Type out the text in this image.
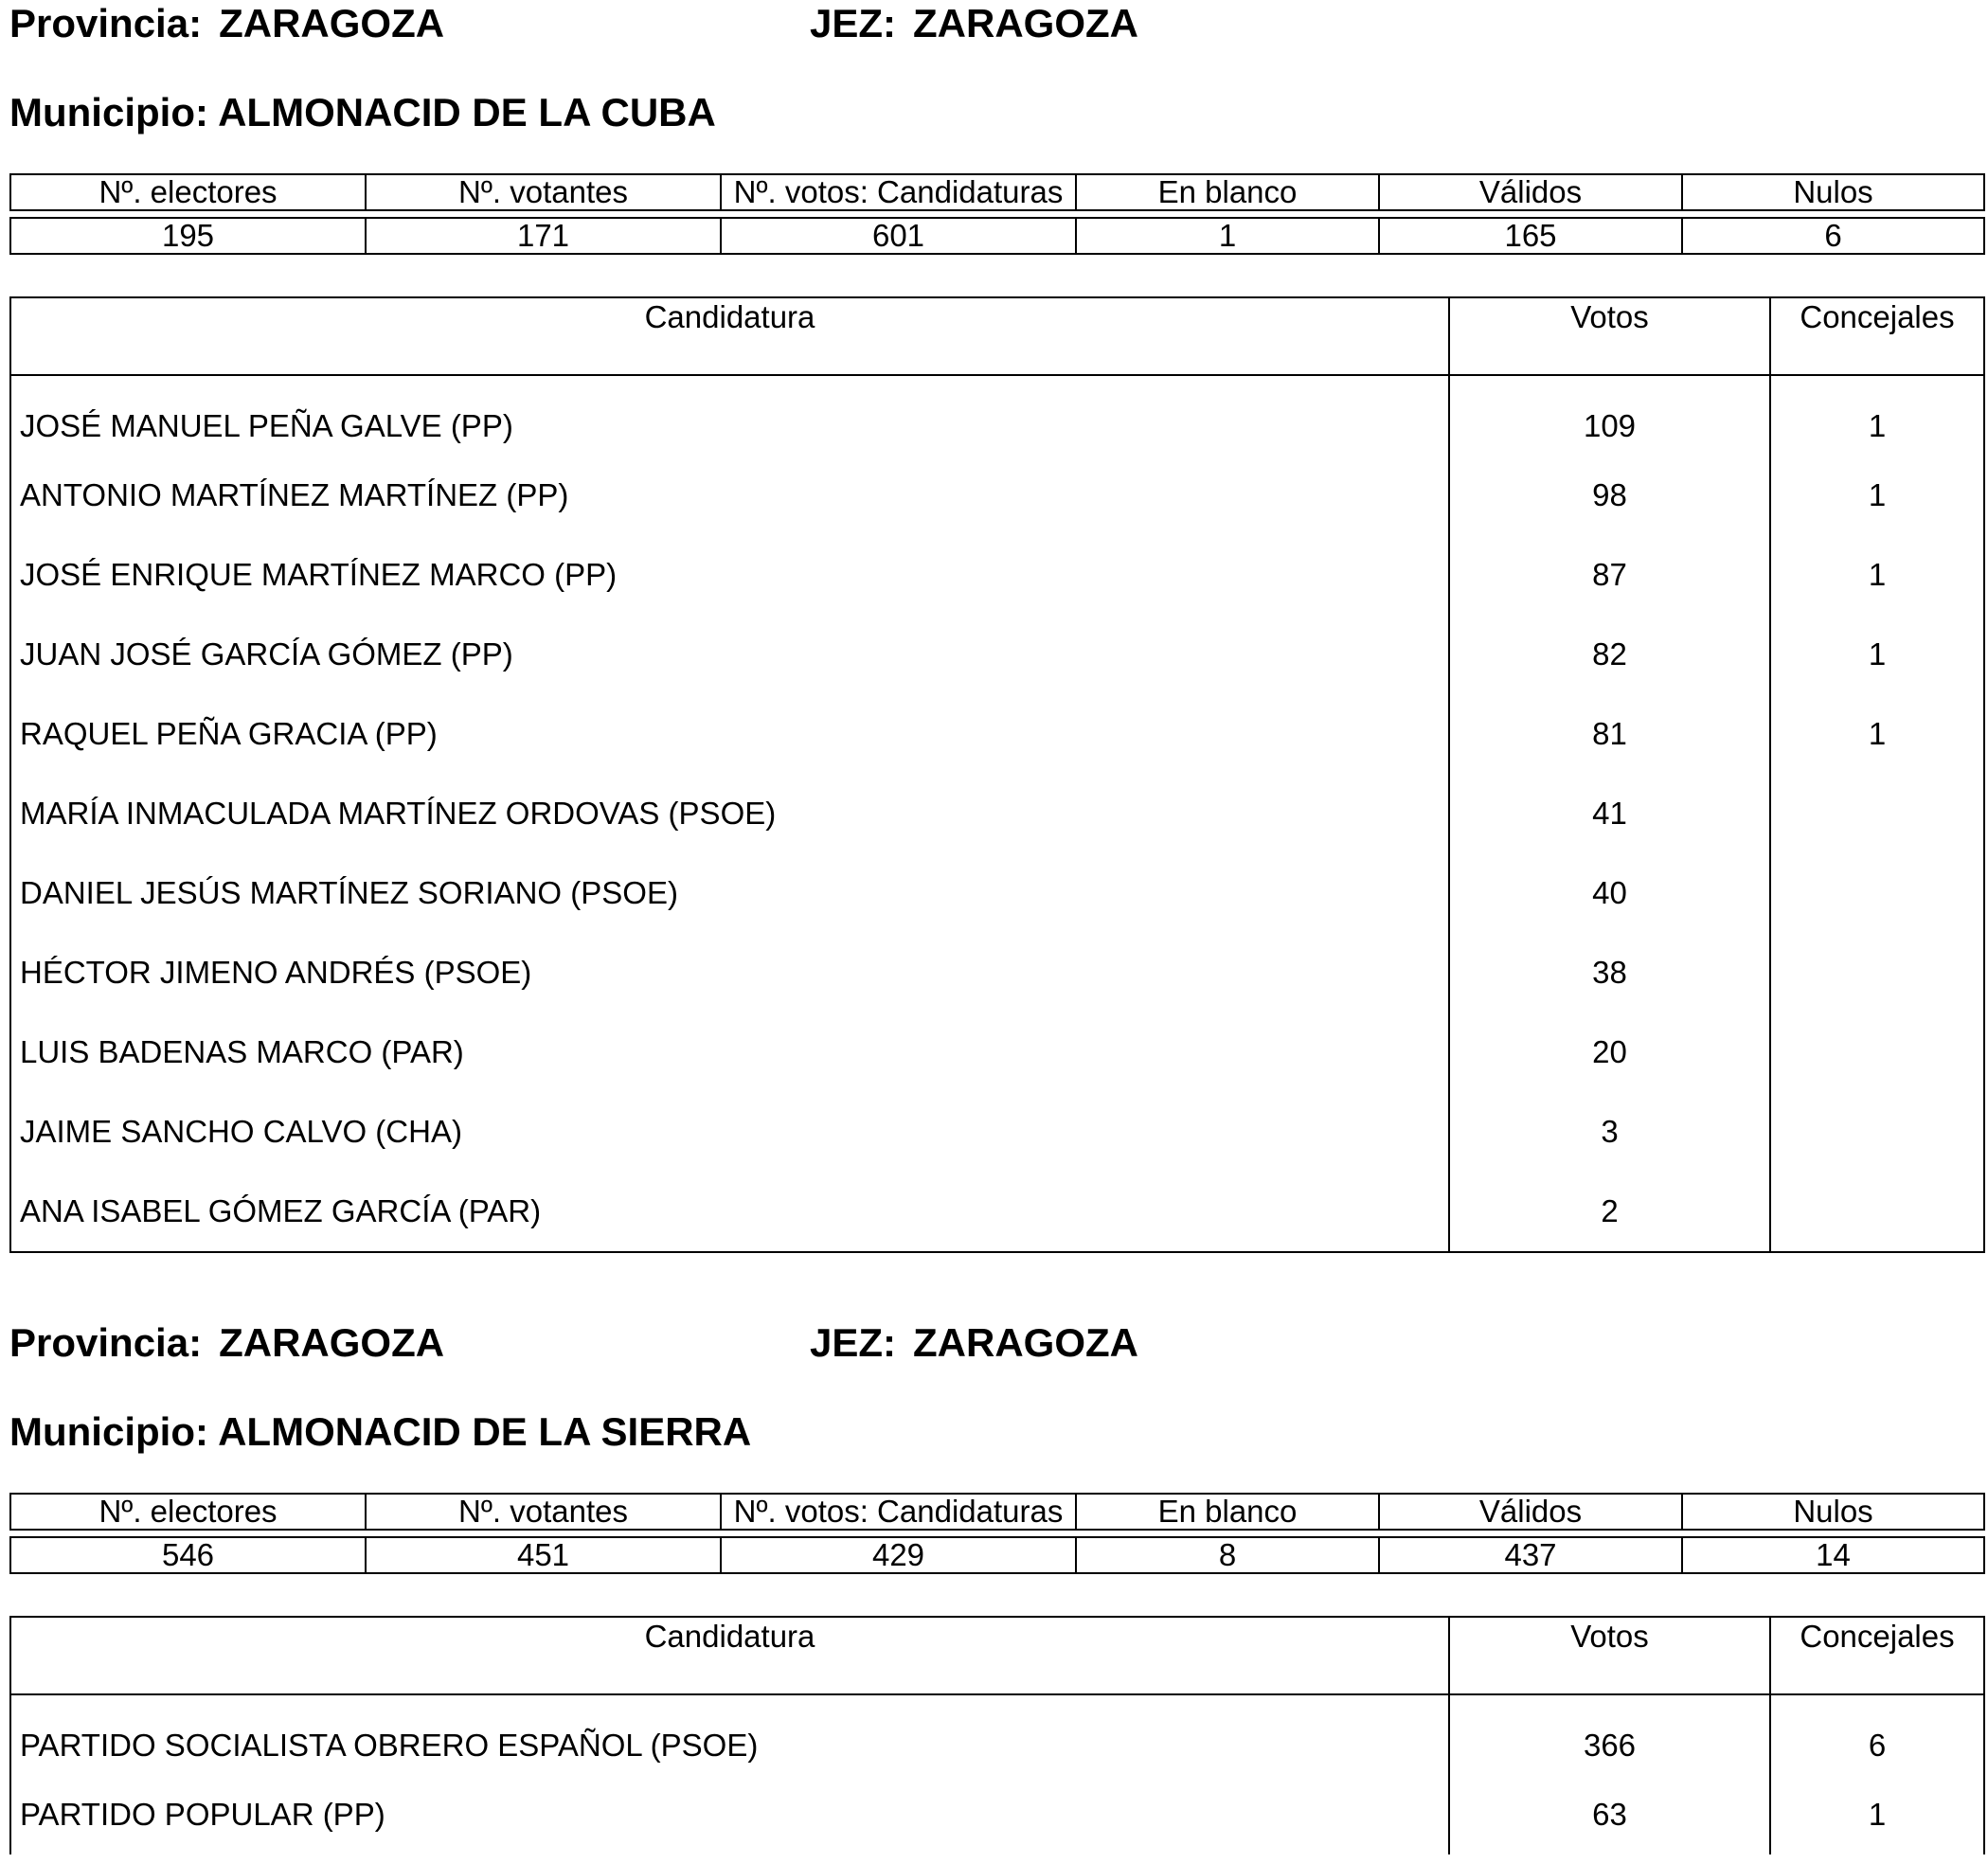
Provincia: ZARAGOZA	JEZ: ZARAGOZA
Municipio: ALMONACID DE LA CUBA
Nº. electores	Nº. votantes	Nº. votos: Candidaturas	En blanco	Válidos	Nulos

195	171	601	1	165	6
Candidatura	Votos	Concejales
JOSÉ MANUEL PEÑA GALVE (PP)	109	1
ANTONIO MARTÍNEZ MARTÍNEZ (PP)	98	1
JOSÉ ENRIQUE MARTÍNEZ MARCO (PP)	87	1
JUAN JOSÉ GARCÍA GÓMEZ (PP)	82	1
RAQUEL PEÑA GRACIA (PP)	81	1
MARÍA INMACULADA MARTÍNEZ ORDOVAS (PSOE)	41	
DANIEL JESÚS MARTÍNEZ SORIANO (PSOE)	40	
HÉCTOR JIMENO ANDRÉS (PSOE)	38	
LUIS BADENAS MARCO (PAR)	20	
JAIME SANCHO CALVO (CHA)	3	
ANA ISABEL GÓMEZ GARCÍA (PAR)	2	
Provincia: ZARAGOZA	JEZ: ZARAGOZA
Municipio: ALMONACID DE LA SIERRA
Nº. electores	Nº. votantes	Nº. votos: Candidaturas	En blanco	Válidos	Nulos

546	451	429	8	437	14
Candidatura	Votos	Concejales
PARTIDO SOCIALISTA OBRERO ESPAÑOL (PSOE)	366	6
PARTIDO POPULAR (PP)	63	1
